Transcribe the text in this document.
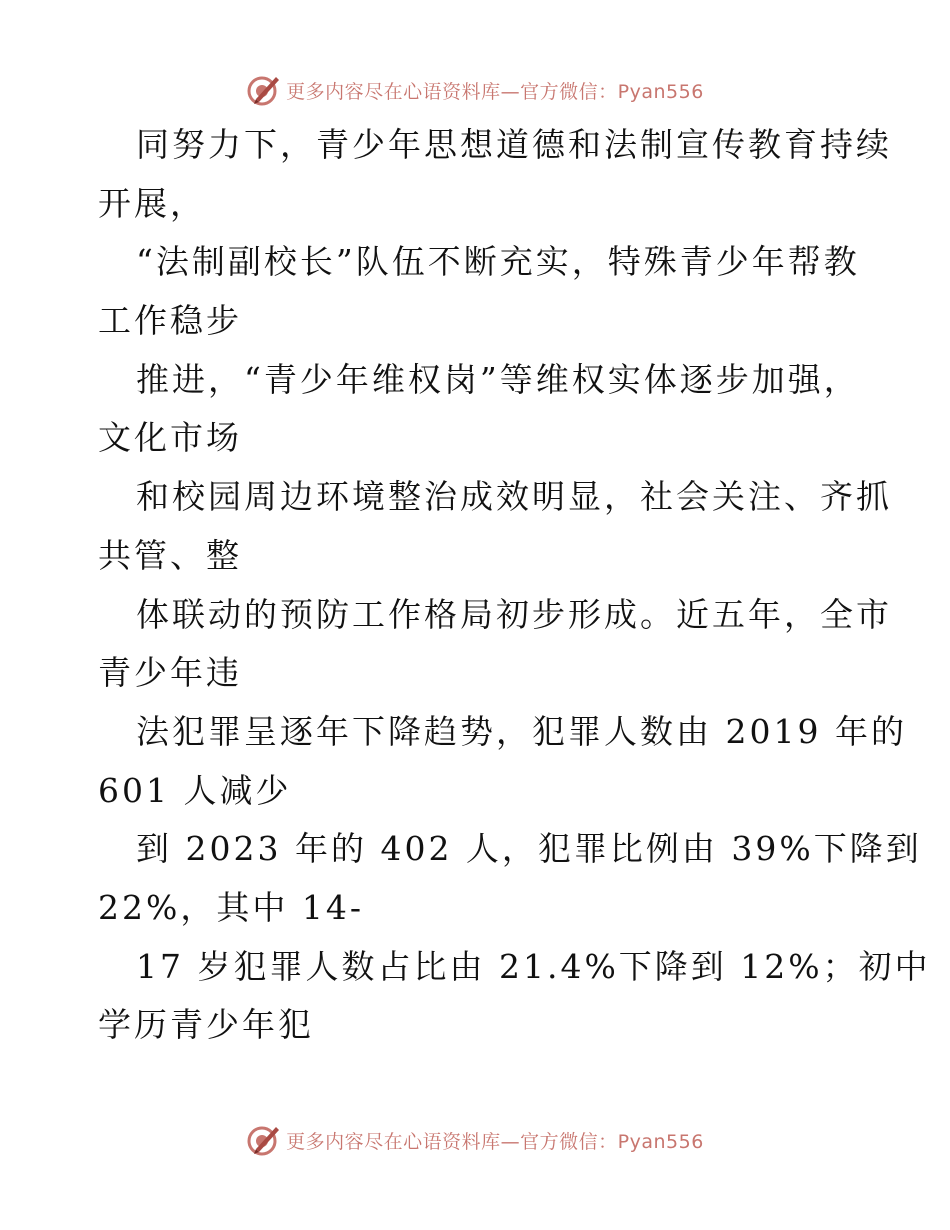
更多内容尽在心语资料库—官方微信：Pyan556
同努力下，青少年思想道德和法制宣传教育持续
开展，
“法制副校长”队伍不断充实，特殊青少年帮教
工作稳步
推进，“青少年维权岗”等维权实体逐步加强，
文化市场
和校园周边环境整治成效明显，社会关注、齐抓
共管、整
体联动的预防工作格局初步形成。近五年，全市
青少年违
法犯罪呈逐年下降趋势，犯罪人数由 2019 年的
601 人减少
到 2023 年的 402 人，犯罪比例由 39%下降到
22%，其中 14-
17 岁犯罪人数占比由 21.4%下降到 12%；初中
学历青少年犯
更多内容尽在心语资料库—官方微信：Pyan556
